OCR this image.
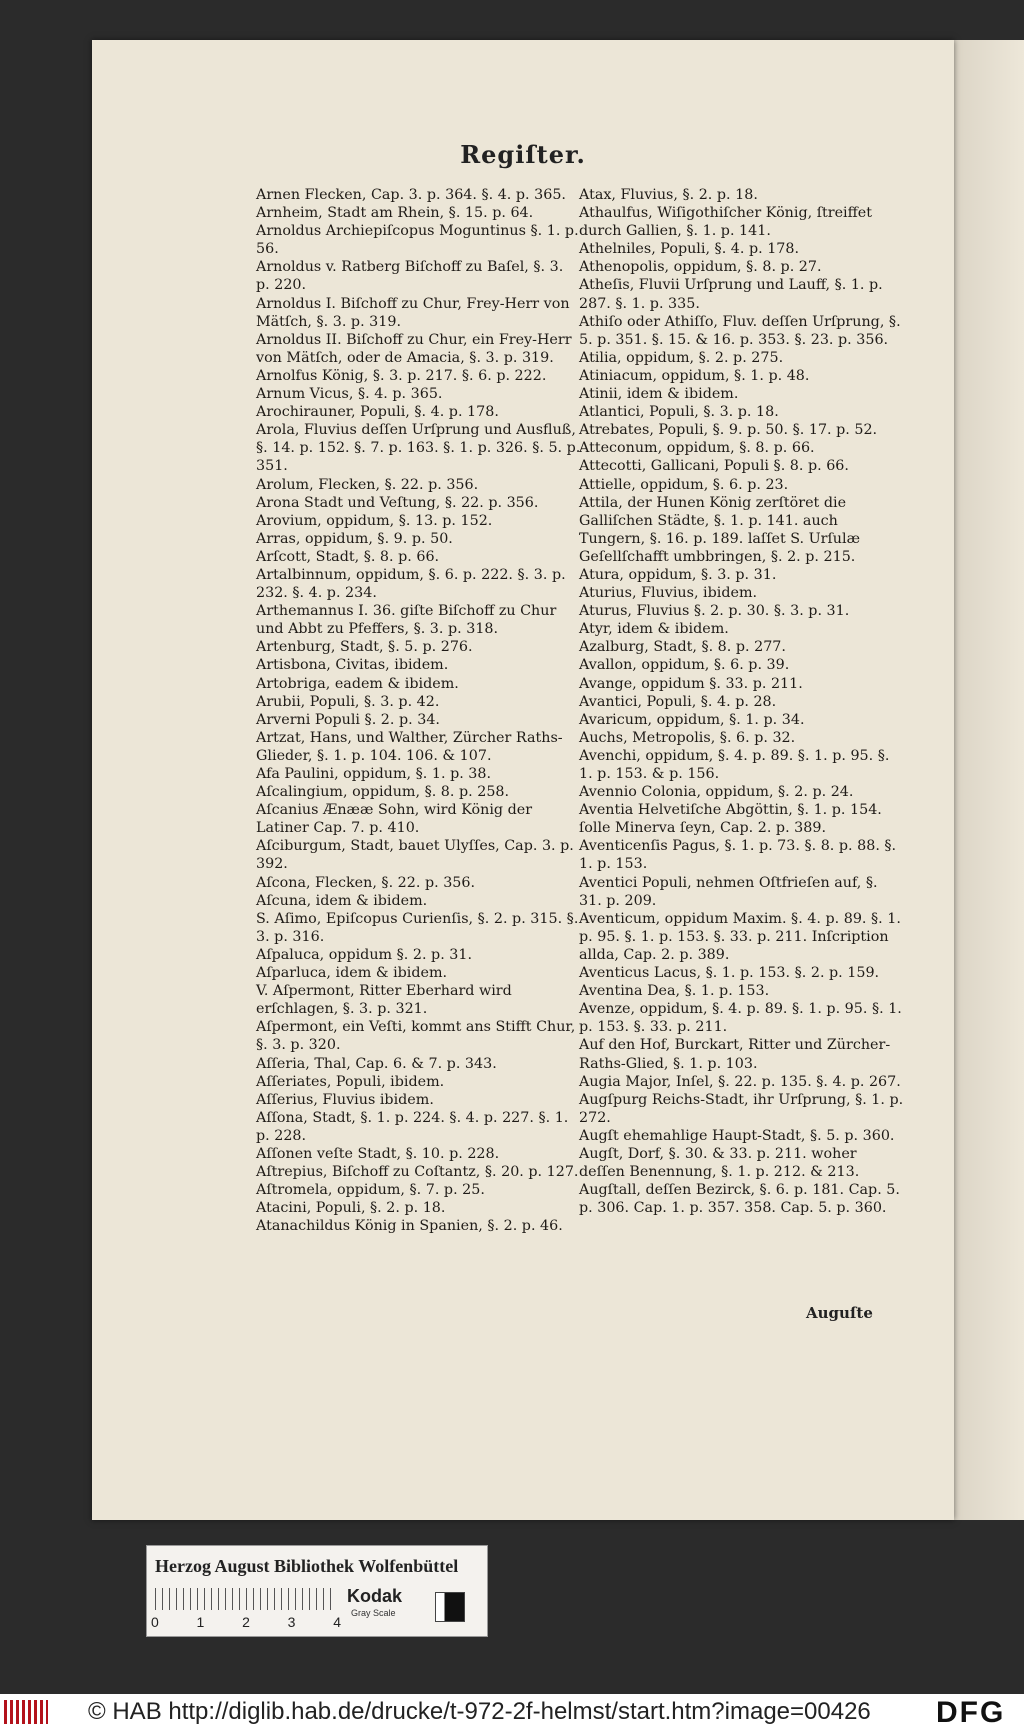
Regiſter.
Arnen Flecken, Cap. 3. p. 364. §. 4. p. 365.
Arnheim, Stadt am Rhein, §. 15. p. 64.
Arnoldus Archiepiſcopus Moguntinus §. 1. p. 56.
Arnoldus v. Ratberg Biſchoff zu Baſel, §. 3. p. 220.
Arnoldus I. Biſchoff zu Chur, Frey-Herr von Mätſch, §. 3. p. 319.
Arnoldus II. Biſchoff zu Chur, ein Frey-Herr von Mätſch, oder de Amacia, §. 3. p. 319.
Arnolfus König, §. 3. p. 217. §. 6. p. 222.
Arnum Vicus, §. 4. p. 365.
Arochirauner, Populi, §. 4. p. 178.
Arola, Fluvius deſſen Urſprung und Ausfluß, §. 14. p. 152. §. 7. p. 163. §. 1. p. 326. §. 5. p. 351.
Arolum, Flecken, §. 22. p. 356.
Arona Stadt und Veſtung, §. 22. p. 356.
Arovium, oppidum, §. 13. p. 152.
Arras, oppidum, §. 9. p. 50.
Arſcott, Stadt, §. 8. p. 66.
Artalbinnum, oppidum, §. 6. p. 222. §. 3. p. 232. §. 4. p. 234.
Arthemannus I. 36. giſte Biſchoff zu Chur und Abbt zu Pfeffers, §. 3. p. 318.
Artenburg, Stadt, §. 5. p. 276.
Artisbona, Civitas, ibidem.
Artobriga, eadem & ibidem.
Arubii, Populi, §. 3. p. 42.
Arverni Populi §. 2. p. 34.
Artzat, Hans, und Walther, Zürcher Raths-Glieder, §. 1. p. 104. 106. & 107.
Afa Paulini, oppidum, §. 1. p. 38.
Aſcalingium, oppidum, §. 8. p. 258.
Aſcanius Ænææ Sohn, wird König der Latiner Cap. 7. p. 410.
Aſciburgum, Stadt, bauet Ulyſſes, Cap. 3. p. 392.
Aſcona, Flecken, §. 22. p. 356.
Aſcuna, idem & ibidem.
S. Aſimo, Epiſcopus Curienſis, §. 2. p. 315. §. 3. p. 316.
Aſpaluca, oppidum §. 2. p. 31.
Aſparluca, idem & ibidem.
V. Aſpermont, Ritter Eberhard wird erſchlagen, §. 3. p. 321.
Aſpermont, ein Veſti, kommt ans Stifft Chur, §. 3. p. 320.
Aſſeria, Thal, Cap. 6. & 7. p. 343.
Aſſeriates, Populi, ibidem.
Aſſerius, Fluvius ibidem.
Aſſona, Stadt, §. 1. p. 224. §. 4. p. 227. §. 1. p. 228.
Aſſonen veſte Stadt, §. 10. p. 228.
Aſtrepius, Biſchoff zu Coſtantz, §. 20. p. 127.
Aſtromela, oppidum, §. 7. p. 25.
Atacini, Populi, §. 2. p. 18.
Atanachildus König in Spanien, §. 2. p. 46.
Atax, Fluvius, §. 2. p. 18.
Athaulfus, Wiſigothiſcher König, ſtreiffet durch Gallien, §. 1. p. 141.
Athelniles, Populi, §. 4. p. 178.
Athenopolis, oppidum, §. 8. p. 27.
Atheſis, Fluvii Urſprung und Lauff, §. 1. p. 287. §. 1. p. 335.
Athiſo oder Athiſſo, Fluv. deſſen Urſprung, §. 5. p. 351. §. 15. & 16. p. 353. §. 23. p. 356.
Atilia, oppidum, §. 2. p. 275.
Atiniacum, oppidum, §. 1. p. 48.
Atinii, idem & ibidem.
Atlantici, Populi, §. 3. p. 18.
Atrebates, Populi, §. 9. p. 50. §. 17. p. 52.
Atteconum, oppidum, §. 8. p. 66.
Attecotti, Gallicani, Populi §. 8. p. 66.
Attielle, oppidum, §. 6. p. 23.
Attila, der Hunen König zerſtöret die Galliſchen Städte, §. 1. p. 141. auch Tungern, §. 16. p. 189. laſſet S. Urſulæ Geſellſchafft umbbringen, §. 2. p. 215.
Atura, oppidum, §. 3. p. 31.
Aturius, Fluvius, ibidem.
Aturus, Fluvius §. 2. p. 30. §. 3. p. 31.
Atyr, idem & ibidem.
Azalburg, Stadt, §. 8. p. 277.
Avallon, oppidum, §. 6. p. 39.
Avange, oppidum §. 33. p. 211.
Avantici, Populi, §. 4. p. 28.
Avaricum, oppidum, §. 1. p. 34.
Auchs, Metropolis, §. 6. p. 32.
Avenchi, oppidum, §. 4. p. 89. §. 1. p. 95. §. 1. p. 153. & p. 156.
Avennio Colonia, oppidum, §. 2. p. 24.
Aventia Helvetiſche Abgöttin, §. 1. p. 154. ſolle Minerva ſeyn, Cap. 2. p. 389.
Aventicenſis Pagus, §. 1. p. 73. §. 8. p. 88. §. 1. p. 153.
Aventici Populi, nehmen Oſtfrieſen auf, §. 31. p. 209.
Aventicum, oppidum Maxim. §. 4. p. 89. §. 1. p. 95. §. 1. p. 153. §. 33. p. 211. Inſcription allda, Cap. 2. p. 389.
Aventicus Lacus, §. 1. p. 153. §. 2. p. 159.
Aventina Dea, §. 1. p. 153.
Avenze, oppidum, §. 4. p. 89. §. 1. p. 95. §. 1. p. 153. §. 33. p. 211.
Auf den Hof, Burckart, Ritter und Zürcher-Raths-Glied, §. 1. p. 103.
Augia Major, Inſel, §. 22. p. 135. §. 4. p. 267.
Augſpurg Reichs-Stadt, ihr Urſprung, §. 1. p. 272.
Augſt ehemahlige Haupt-Stadt, §. 5. p. 360.
Augſt, Dorf, §. 30. & 33. p. 211. woher deſſen Benennung, §. 1. p. 212. & 213.
Augſtall, deſſen Bezirck, §. 6. p. 181. Cap. 5. p. 306. Cap. 1. p. 357. 358. Cap. 5. p. 360.
Auguſte
Herzog August Bibliothek Wolfenbüttel
0	1	2	3	4
Kodak
Gray Scale
© HAB http://diglib.hab.de/drucke/t-972-2f-helmst/start.htm?image=00426 DFG
